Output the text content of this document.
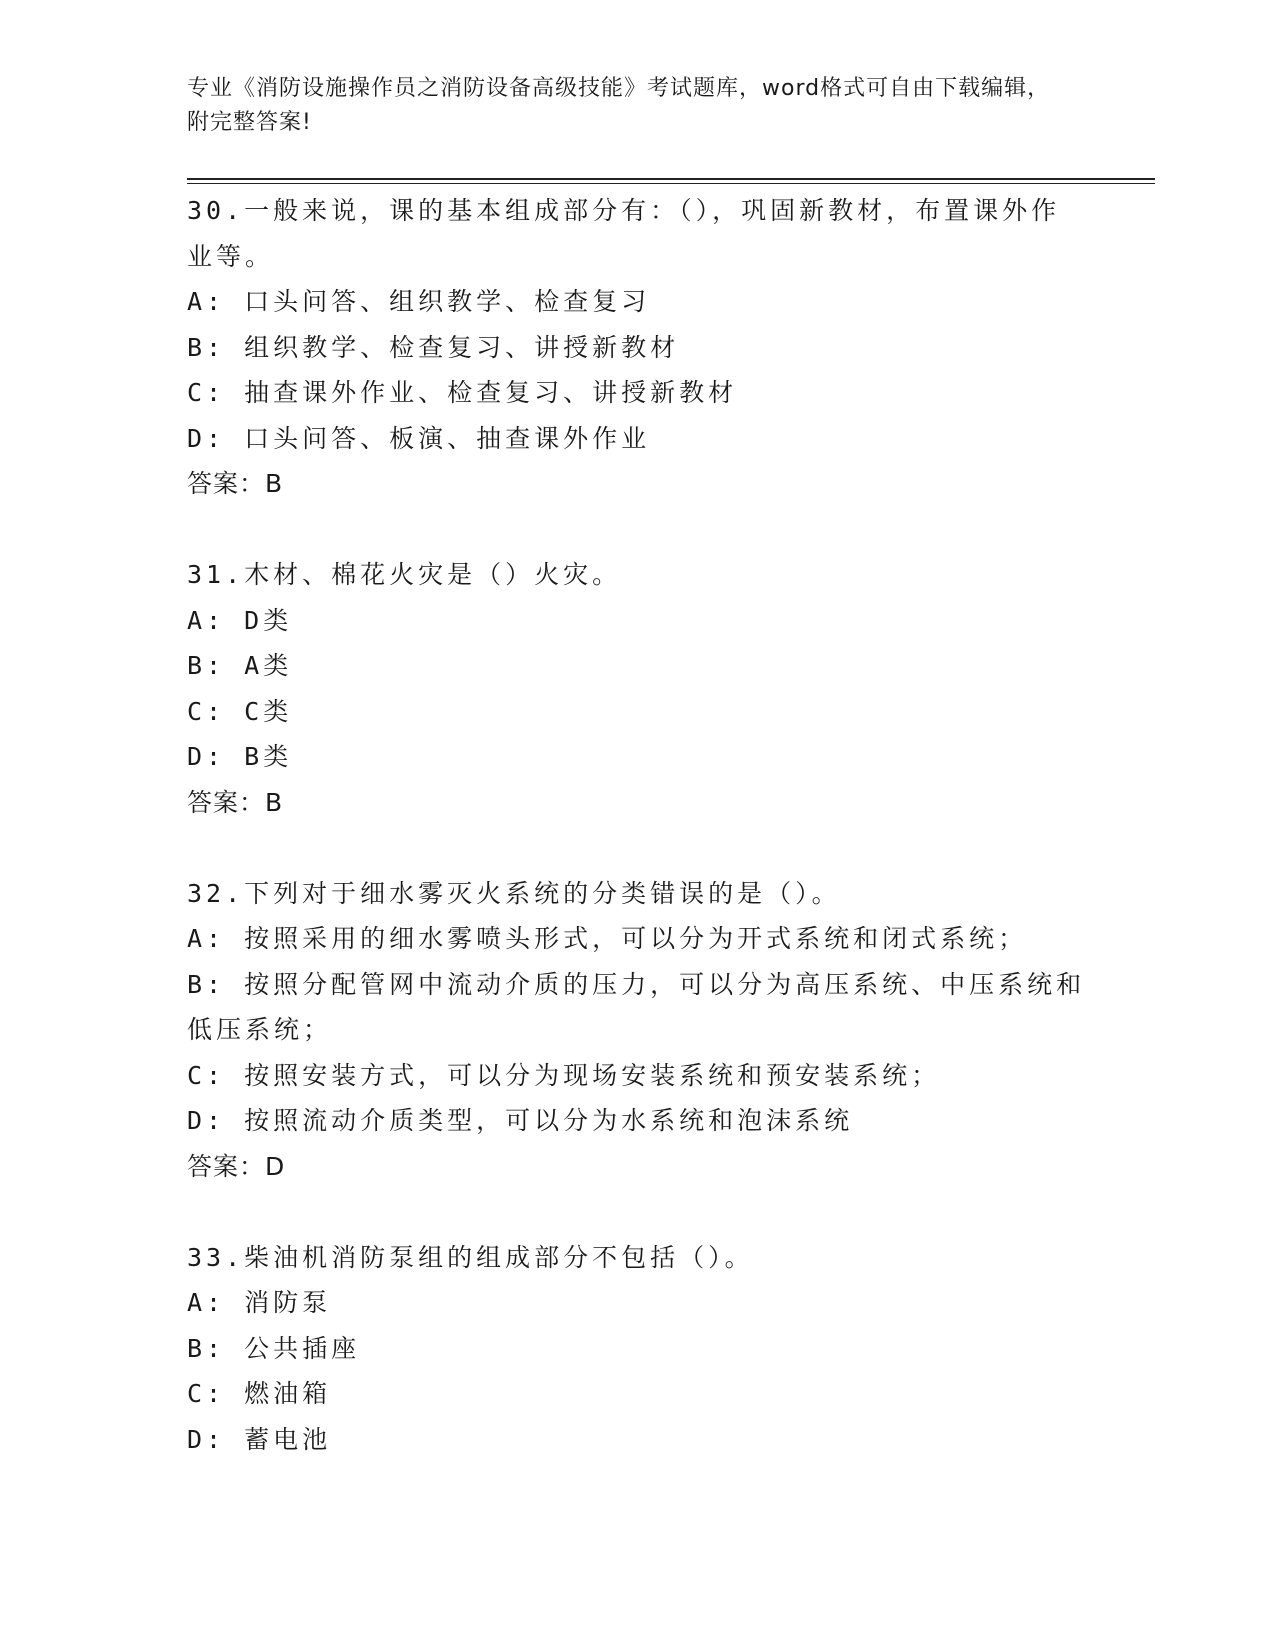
专业《消防设施操作员之消防设备高级技能》考试题库，word格式可自由下载编辑，附完整答案!
30.一般来说，课的基本组成部分有：（），巩固新教材，布置课外作业等。
A: 口头问答、组织教学、检查复习
B: 组织教学、检查复习、讲授新教材
C: 抽查课外作业、检查复习、讲授新教材
D: 口头问答、板演、抽查课外作业
答案：B
31.木材、棉花火灾是（）火灾。
A: D类
B: A类
C: C类
D: B类
答案：B
32.下列对于细水雾灭火系统的分类错误的是（）。
A: 按照采用的细水雾喷头形式，可以分为开式系统和闭式系统；
B: 按照分配管网中流动介质的压力，可以分为高压系统、中压系统和低压系统；
C: 按照安装方式，可以分为现场安装系统和预安装系统；
D: 按照流动介质类型，可以分为水系统和泡沫系统
答案：D
33.柴油机消防泵组的组成部分不包括（）。
A: 消防泵
B: 公共插座
C: 燃油箱
D: 蓄电池
